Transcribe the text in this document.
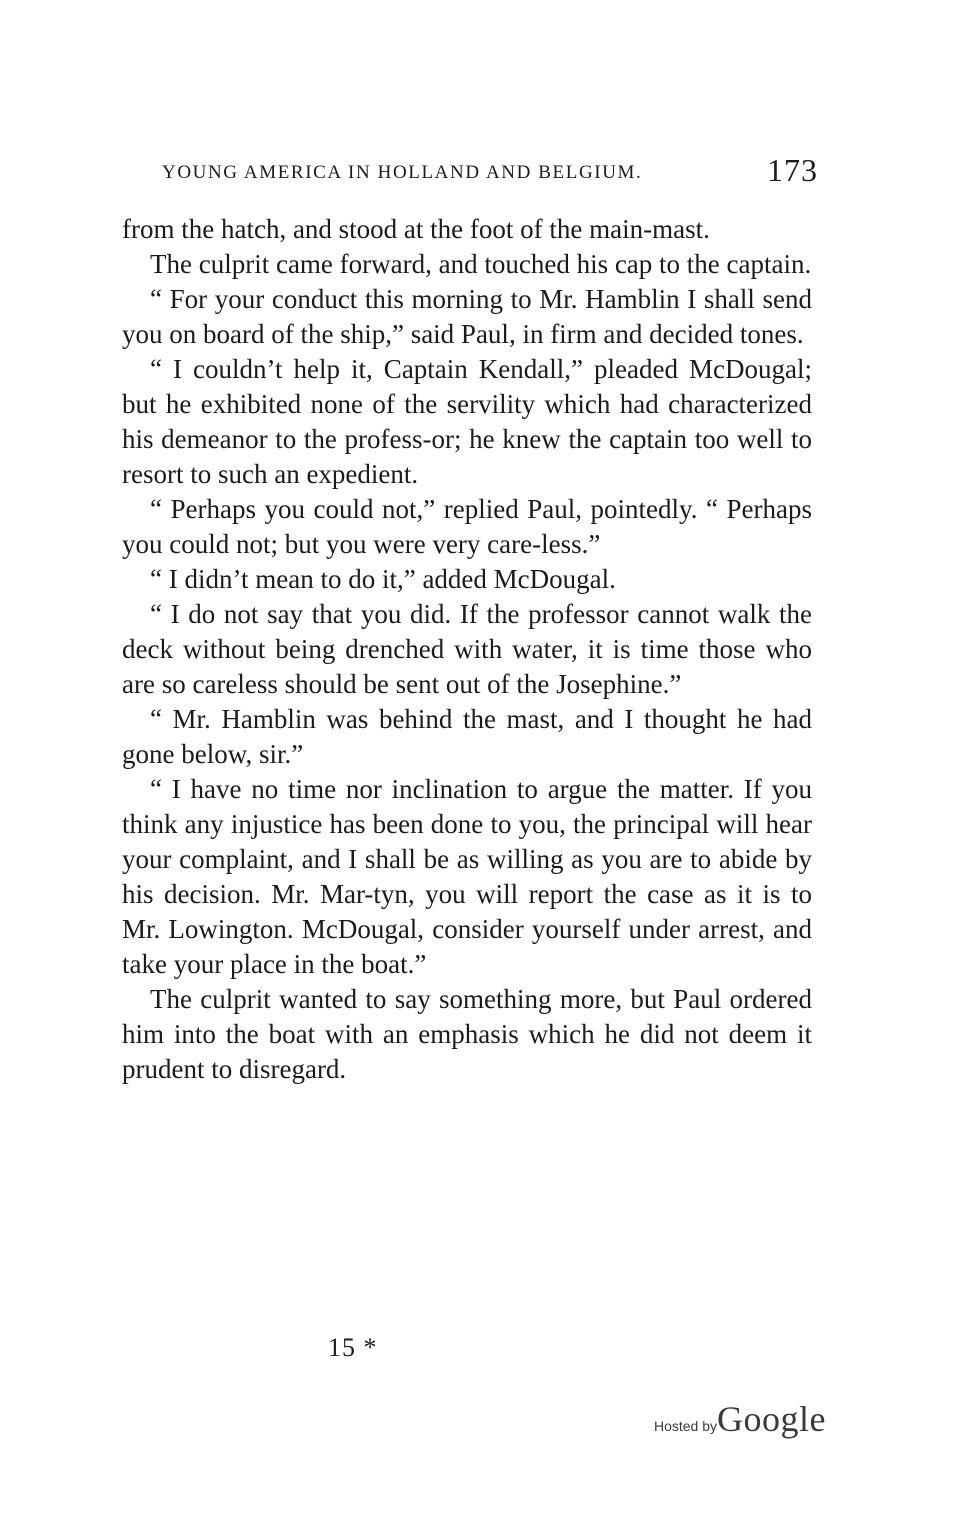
YOUNG AMERICA IN HOLLAND AND BELGIUM.	173

from the hatch, and stood at the foot of the main-mast.

The culprit came forward, and touched his cap to the captain.

“ For your conduct this morning to Mr. Hamblin I shall send you on board of the ship,” said Paul, in firm and decided tones.

“ I couldn’t help it, Captain Kendall,” pleaded McDougal; but he exhibited none of the servility which had characterized his demeanor to the profess-or; he knew the captain too well to resort to such an expedient.

“ Perhaps you could not,” replied Paul, pointedly. “ Perhaps you could not; but you were very care-less.”

“ I didn’t mean to do it,” added McDougal.

“ I do not say that you did. If the professor cannot walk the deck without being drenched with water, it is time those who are so careless should be sent out of the Josephine.”

“ Mr. Hamblin was behind the mast, and I thought he had gone below, sir.”

“ I have no time nor inclination to argue the matter. If you think any injustice has been done to you, the principal will hear your complaint, and I shall be as willing as you are to abide by his decision. Mr. Mar-tyn, you will report the case as it is to Mr. Lowington. McDougal, consider yourself under arrest, and take your place in the boat.”

The culprit wanted to say something more, but Paul ordered him into the boat with an emphasis which he did not deem it prudent to disregard.

15 *
Hosted byGoogle
